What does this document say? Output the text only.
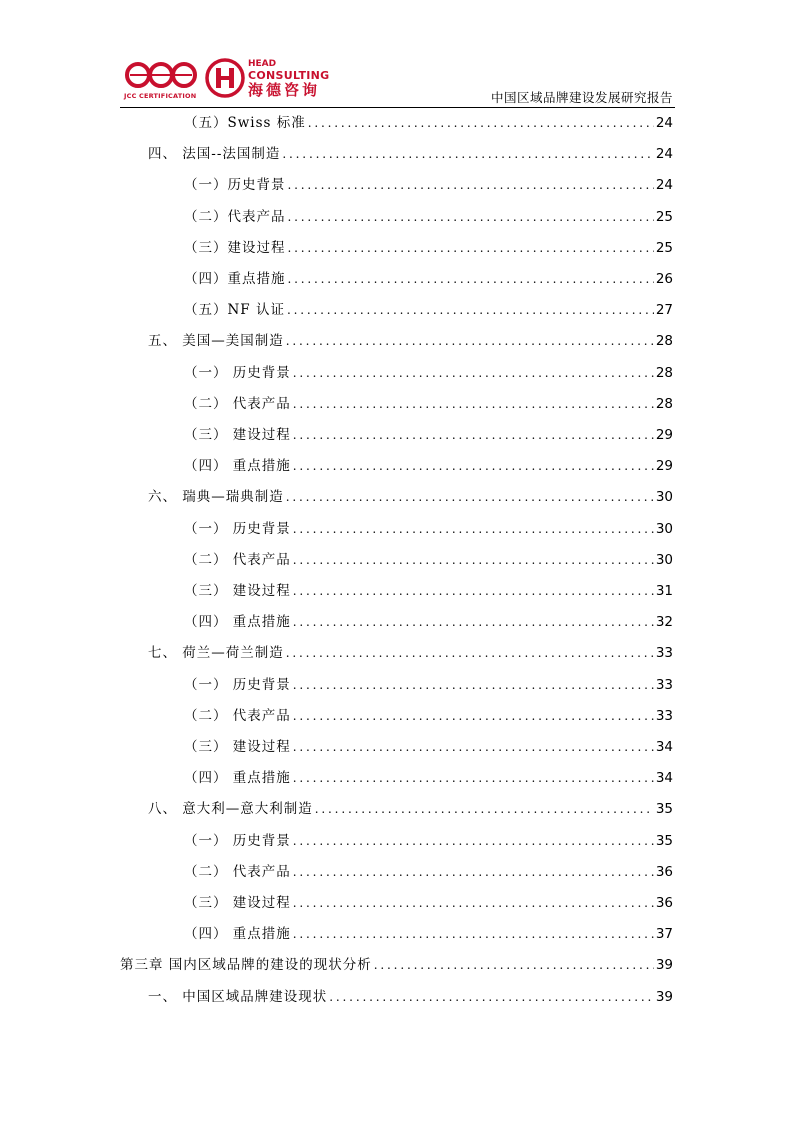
JCC CERTIFICATION
HEAD
CONSULTING
海德咨询	中国区域品牌建设发展研究报告
（五）Swiss 标准 . . .	24
四、 法国--法国制造 . . .	24
（一）历史背景 . . .	24
（二）代表产品 . . .	25
（三）建设过程 . . .	25
（四）重点措施 . . .	26
（五）NF 认证 . . .	27
五、 美国—美国制造 . . .	28
（一） 历史背景 . . .	28
（二） 代表产品 . . .	28
（三） 建设过程 . . .	29
（四） 重点措施 . . .	29
六、 瑞典—瑞典制造 . . .	30
（一） 历史背景 . . .	30
（二） 代表产品 . . .	30
（三） 建设过程 . . .	31
（四） 重点措施 . . .	32
七、 荷兰—荷兰制造 . . .	33
（一） 历史背景 . . .	33
（二） 代表产品 . . .	33
（三） 建设过程 . . .	34
（四） 重点措施 . . .	34
八、 意大利—意大利制造 . . .	35
（一） 历史背景 . . .	35
（二） 代表产品 . . .	36
（三） 建设过程 . . .	36
（四） 重点措施 . . .	37
第三章 国内区域品牌的建设的现状分析 . . .	39
一、 中国区域品牌建设现状 . . .	39
